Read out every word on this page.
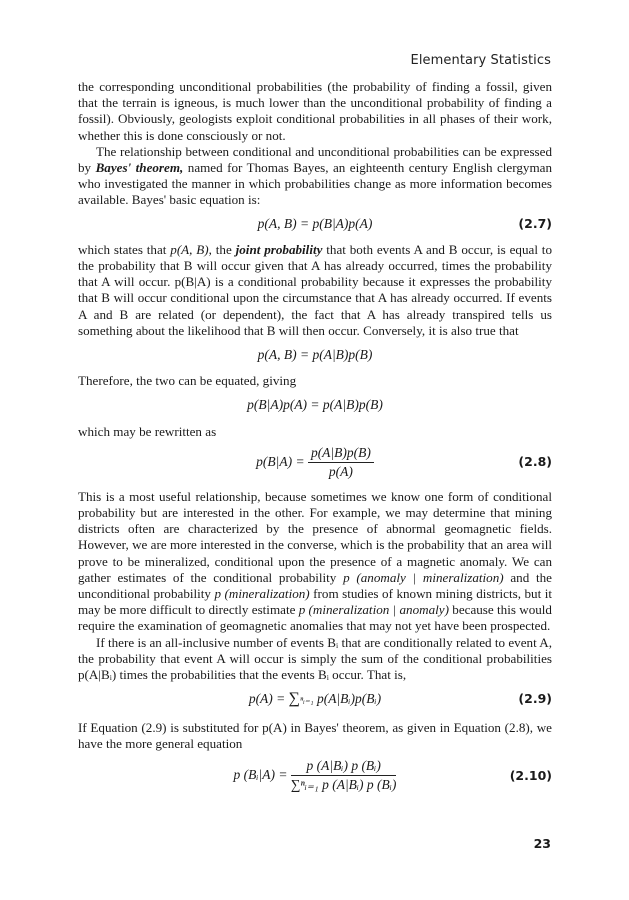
Elementary Statistics

the corresponding unconditional probabilities (the probability of finding a fossil, given that the terrain is igneous, is much lower than the unconditional probability of finding a fossil). Obviously, geologists exploit conditional probabilities in all phases of their work, whether this is done consciously or not.

The relationship between conditional and unconditional probabilities can be expressed by Bayes' theorem, named for Thomas Bayes, an eighteenth century English clergyman who investigated the manner in which probabilities change as more information becomes available. Bayes' basic equation is:

p(A, B) = p(B|A)p(A)	(2.7)

which states that p(A, B), the joint probability that both events A and B occur, is equal to the probability that B will occur given that A has already occurred, times the probability that A will occur. p(B|A) is a conditional probability because it expresses the probability that B will occur conditional upon the circumstance that A has already occurred. If events A and B are related (or dependent), the fact that A has already transpired tells us something about the likelihood that B will then occur. Conversely, it is also true that

p(A, B) = p(A|B)p(B)

Therefore, the two can be equated, giving

p(B|A)p(A) = p(A|B)p(B)

which may be rewritten as

$p(B|A) = \frac{p(A|B)p(B)}{p(A)}$	(2.8)

This is a most useful relationship, because sometimes we know one form of conditional probability but are interested in the other. For example, we may determine that mining districts often are characterized by the presence of abnormal geomagnetic fields. However, we are more interested in the converse, which is the probability that an area will prove to be mineralized, conditional upon the presence of a magnetic anomaly. We can gather estimates of the conditional probability p (anomaly | mineralization) and the unconditional probability p (mineralization) from studies of known mining districts, but it may be more difficult to directly estimate p (mineralization | anomaly) because this would require the examination of geomagnetic anomalies that may not yet have been prospected.

If there is an all-inclusive number of events Bᵢ that are conditionally related to event A, the probability that event A will occur is simply the sum of the conditional probabilities p(A|Bᵢ) times the probabilities that the events Bᵢ occur. That is,

p(A) = ∑ⁿᵢ₌₁ p(A|Bᵢ)p(Bᵢ)	(2.9)

If Equation (2.9) is substituted for p(A) in Bayes' theorem, as given in Equation (2.8), we have the more general equation

p (Bᵢ|A) = $\frac{\text{p (A|Bᵢ) p (Bᵢ)}}{\text{∑ⁿᵢ₌₁ p (A|Bᵢ) p (Bᵢ)}}$	(2.10)
23
